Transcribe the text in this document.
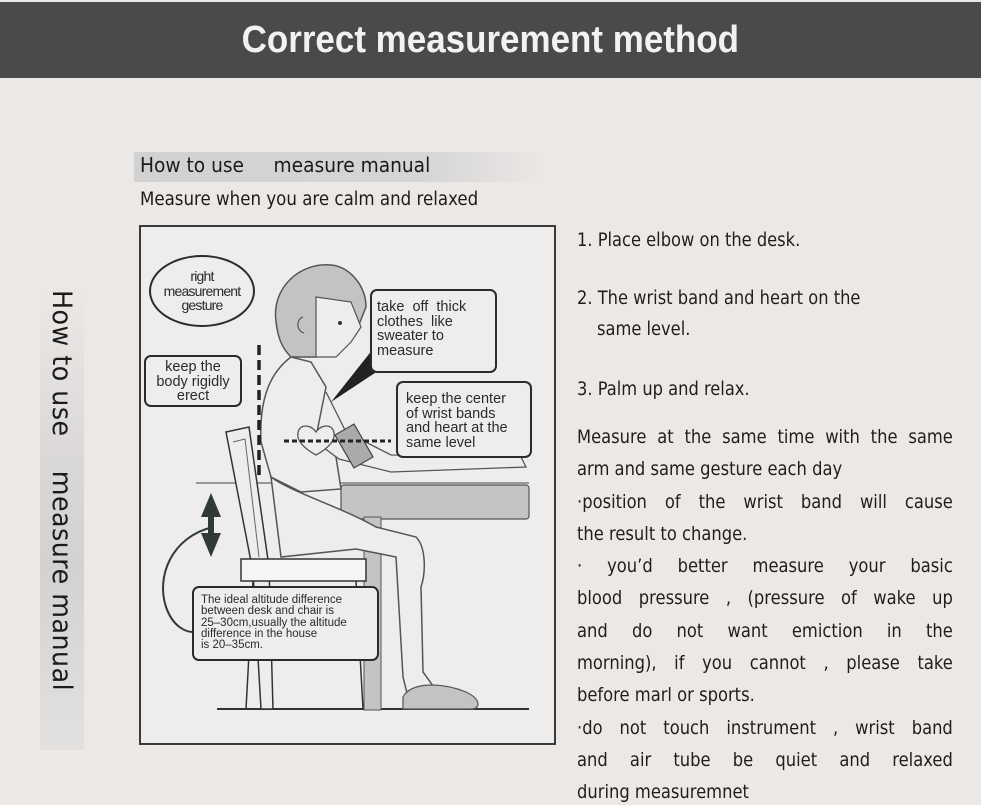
Correct measurement method
How to use    measure manual
How to use     measure manual
Measure when you are calm and relaxed
right
measurement
gesture
keep the
body rigidly
erect
take  off  thick
clothes  like
sweater to
measure
keep the center
of wrist bands
and heart at the
same level
The ideal altitude difference
between desk and chair is
25–30cm,usually the altitude
difference in the house
is 20–35cm.
1. Place elbow on the desk.
2. The wrist band and heart on the
same level.
3. Palm up and relax.
Measure at the same time with the same
arm and same gesture each day
·position of the wrist band will cause
the result to change.
· you’d better measure your basic
blood pressure , (pressure of wake up
and do not want emiction in the
morning), if you cannot , please take
before marl or sports.
·do not touch instrument , wrist band
and air tube be quiet and relaxed
during measuremnet
